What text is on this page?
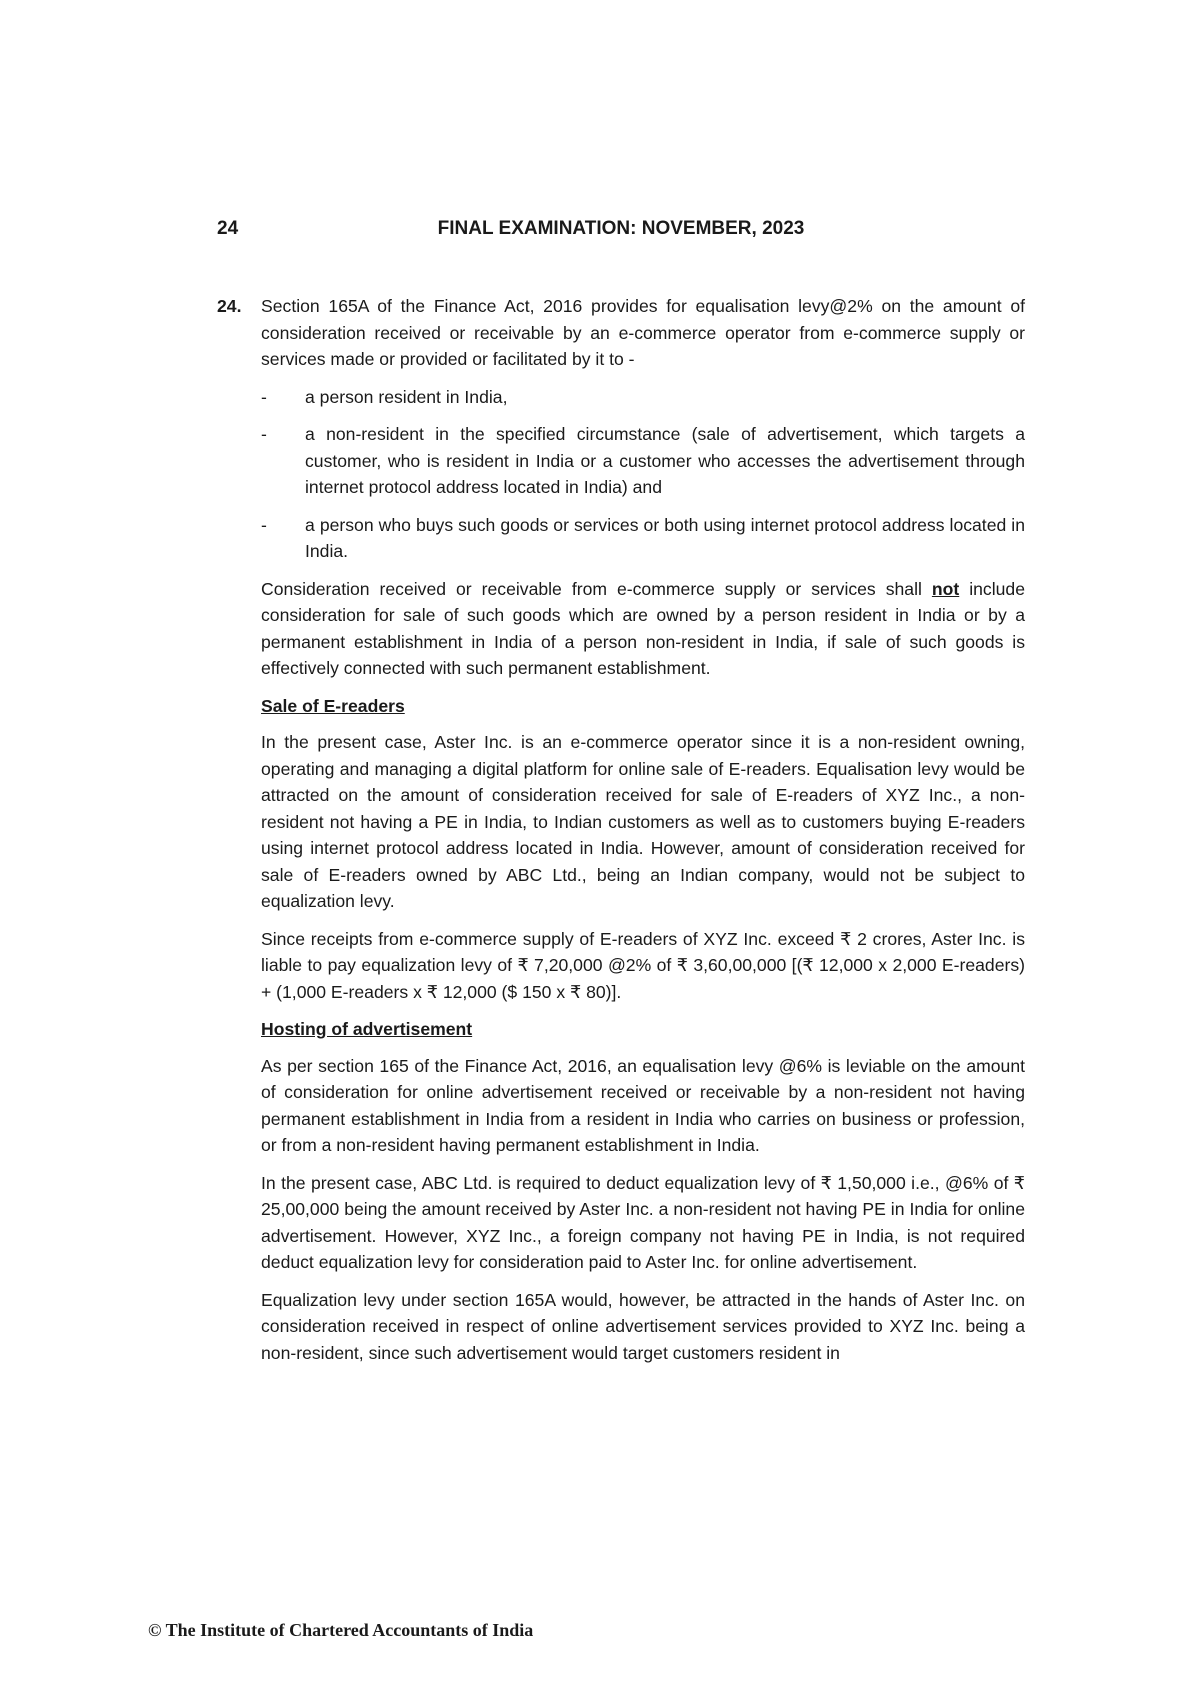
24	FINAL EXAMINATION: NOVEMBER, 2023
24. Section 165A of the Finance Act, 2016 provides for equalisation levy@2% on the amount of consideration received or receivable by an e-commerce operator from e-commerce supply or services made or provided or facilitated by it to -

- a person resident in India,
- a non-resident in the specified circumstance (sale of advertisement, which targets a customer, who is resident in India or a customer who accesses the advertisement through internet protocol address located in India) and
- a person who buys such goods or services or both using internet protocol address located in India.

Consideration received or receivable from e-commerce supply or services shall not include consideration for sale of such goods which are owned by a person resident in India or by a permanent establishment in India of a person non-resident in India, if sale of such goods is effectively connected with such permanent establishment.

Sale of E-readers

In the present case, Aster Inc. is an e-commerce operator since it is a non-resident owning, operating and managing a digital platform for online sale of E-readers. Equalisation levy would be attracted on the amount of consideration received for sale of E-readers of XYZ Inc., a non-resident not having a PE in India, to Indian customers as well as to customers buying E-readers using internet protocol address located in India. However, amount of consideration received for sale of E-readers owned by ABC Ltd., being an Indian company, would not be subject to equalization levy.

Since receipts from e-commerce supply of E-readers of XYZ Inc. exceed ₹ 2 crores, Aster Inc. is liable to pay equalization levy of ₹ 7,20,000 @2% of ₹ 3,60,00,000 [(₹ 12,000 x 2,000 E-readers) + (1,000 E-readers x ₹ 12,000 ($ 150 x ₹ 80)].

Hosting of advertisement

As per section 165 of the Finance Act, 2016, an equalisation levy @6% is leviable on the amount of consideration for online advertisement received or receivable by a non-resident not having permanent establishment in India from a resident in India who carries on business or profession, or from a non-resident having permanent establishment in India.

In the present case, ABC Ltd. is required to deduct equalization levy of ₹ 1,50,000 i.e., @6% of ₹ 25,00,000 being the amount received by Aster Inc. a non-resident not having PE in India for online advertisement. However, XYZ Inc., a foreign company not having PE in India, is not required deduct equalization levy for consideration paid to Aster Inc. for online advertisement.

Equalization levy under section 165A would, however, be attracted in the hands of Aster Inc. on consideration received in respect of online advertisement services provided to XYZ Inc. being a non-resident, since such advertisement would target customers resident in

© The Institute of Chartered Accountants of India
